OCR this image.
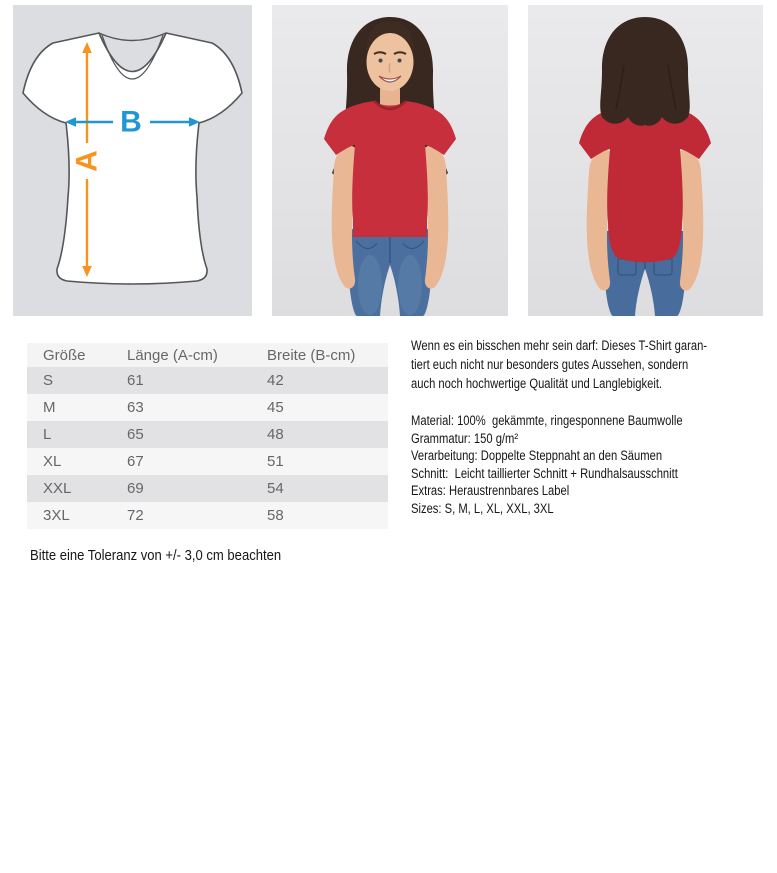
A
B
Größe	Länge (A-cm)	Breite (B-cm)
S	61	42
M	63	45
L	65	48
XL	67	51
XXL	69	54
3XL	72	58
Wenn es ein bisschen mehr sein darf: Dieses T-Shirt garan-
tiert euch nicht nur besonders gutes Aussehen, sondern
auch noch hochwertige Qualität und Langlebigkeit.
Material: 100%  gekämmte, ringesponnene Baumwolle
Grammatur: 150 g/m²
Verarbeitung: Doppelte Steppnaht an den Säumen
Schnitt:  Leicht taillierter Schnitt + Rundhalsausschnitt
Extras: Heraustrennbares Label
Sizes: S, M, L, XL, XXL, 3XL
Bitte eine Toleranz von +/- 3,0 cm beachten
